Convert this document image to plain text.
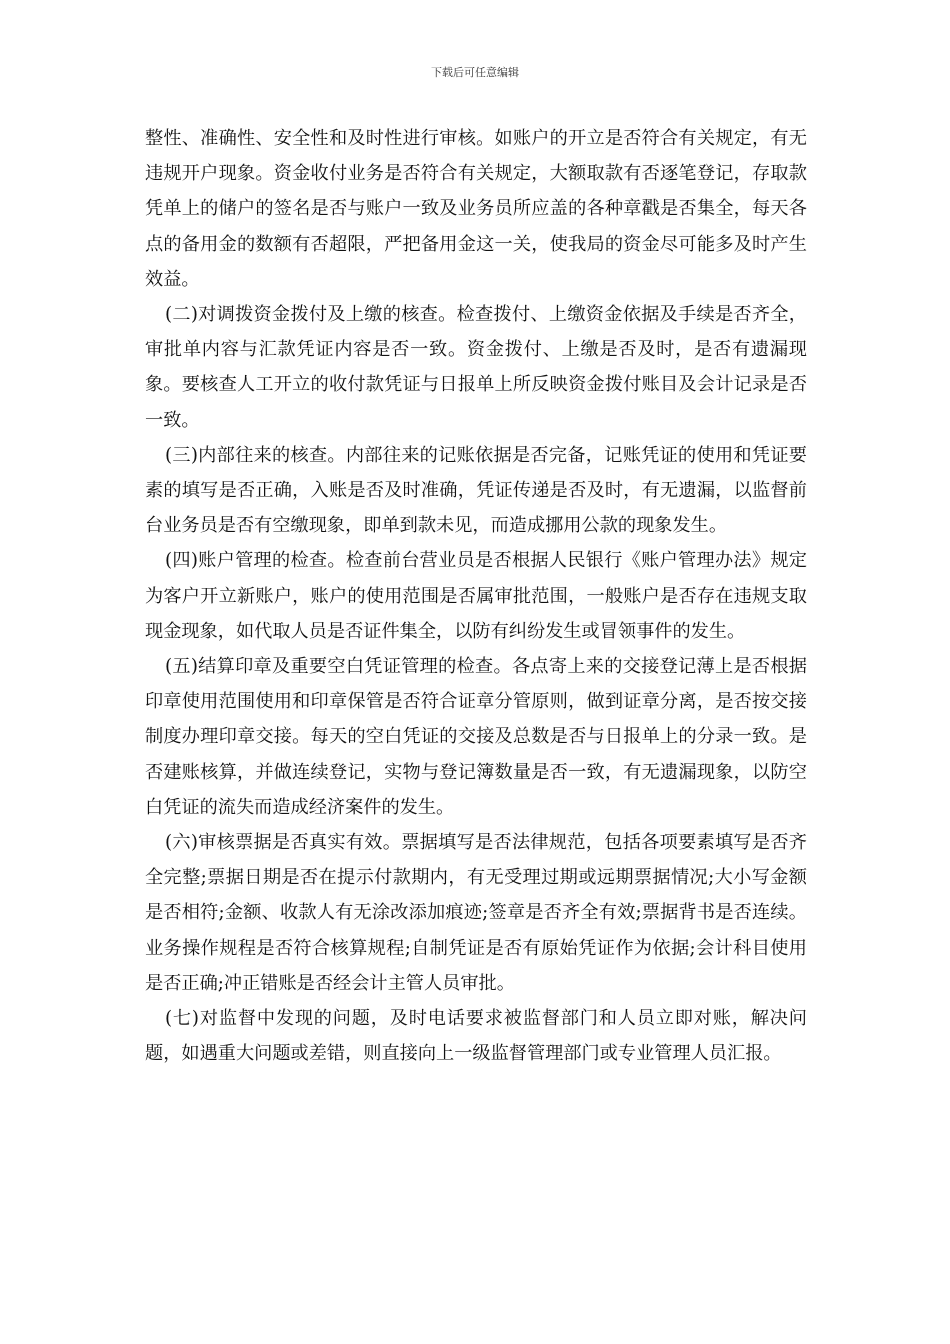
下载后可任意编辑

整性、准确性、安全性和及时性进行审核。如账户的开立是否符合有关规定，有无违规开户现象。资金收付业务是否符合有关规定，大额取款有否逐笔登记，存取款凭单上的储户的签名是否与账户一致及业务员所应盖的各种章戳是否集全，每天各点的备用金的数额有否超限，严把备用金这一关，使我局的资金尽可能多及时产生效益。

(二)对调拨资金拨付及上缴的核查。检查拨付、上缴资金依据及手续是否齐全，审批单内容与汇款凭证内容是否一致。资金拨付、上缴是否及时，是否有遗漏现象。要核查人工开立的收付款凭证与日报单上所反映资金拨付账目及会计记录是否一致。

(三)内部往来的核查。内部往来的记账依据是否完备，记账凭证的使用和凭证要素的填写是否正确，入账是否及时准确，凭证传递是否及时，有无遗漏，以监督前台业务员是否有空缴现象，即单到款未见，而造成挪用公款的现象发生。

(四)账户管理的检查。检查前台营业员是否根据人民银行《账户管理办法》规定为客户开立新账户，账户的使用范围是否属审批范围，一般账户是否存在违规支取现金现象，如代取人员是否证件集全，以防有纠纷发生或冒领事件的发生。

(五)结算印章及重要空白凭证管理的检查。各点寄上来的交接登记薄上是否根据印章使用范围使用和印章保管是否符合证章分管原则，做到证章分离，是否按交接制度办理印章交接。每天的空白凭证的交接及总数是否与日报单上的分录一致。是否建账核算，并做连续登记，实物与登记簿数量是否一致，有无遗漏现象，以防空白凭证的流失而造成经济案件的发生。

(六)审核票据是否真实有效。票据填写是否法律规范，包括各项要素填写是否齐全完整;票据日期是否在提示付款期内，有无受理过期或远期票据情况;大小写金额是否相符;金额、收款人有无涂改添加痕迹;签章是否齐全有效;票据背书是否连续。业务操作规程是否符合核算规程;自制凭证是否有原始凭证作为依据;会计科目使用是否正确;冲正错账是否经会计主管人员审批。

(七)对监督中发现的问题，及时电话要求被监督部门和人员立即对账，解决问题，如遇重大问题或差错，则直接向上一级监督管理部门或专业管理人员汇报。
